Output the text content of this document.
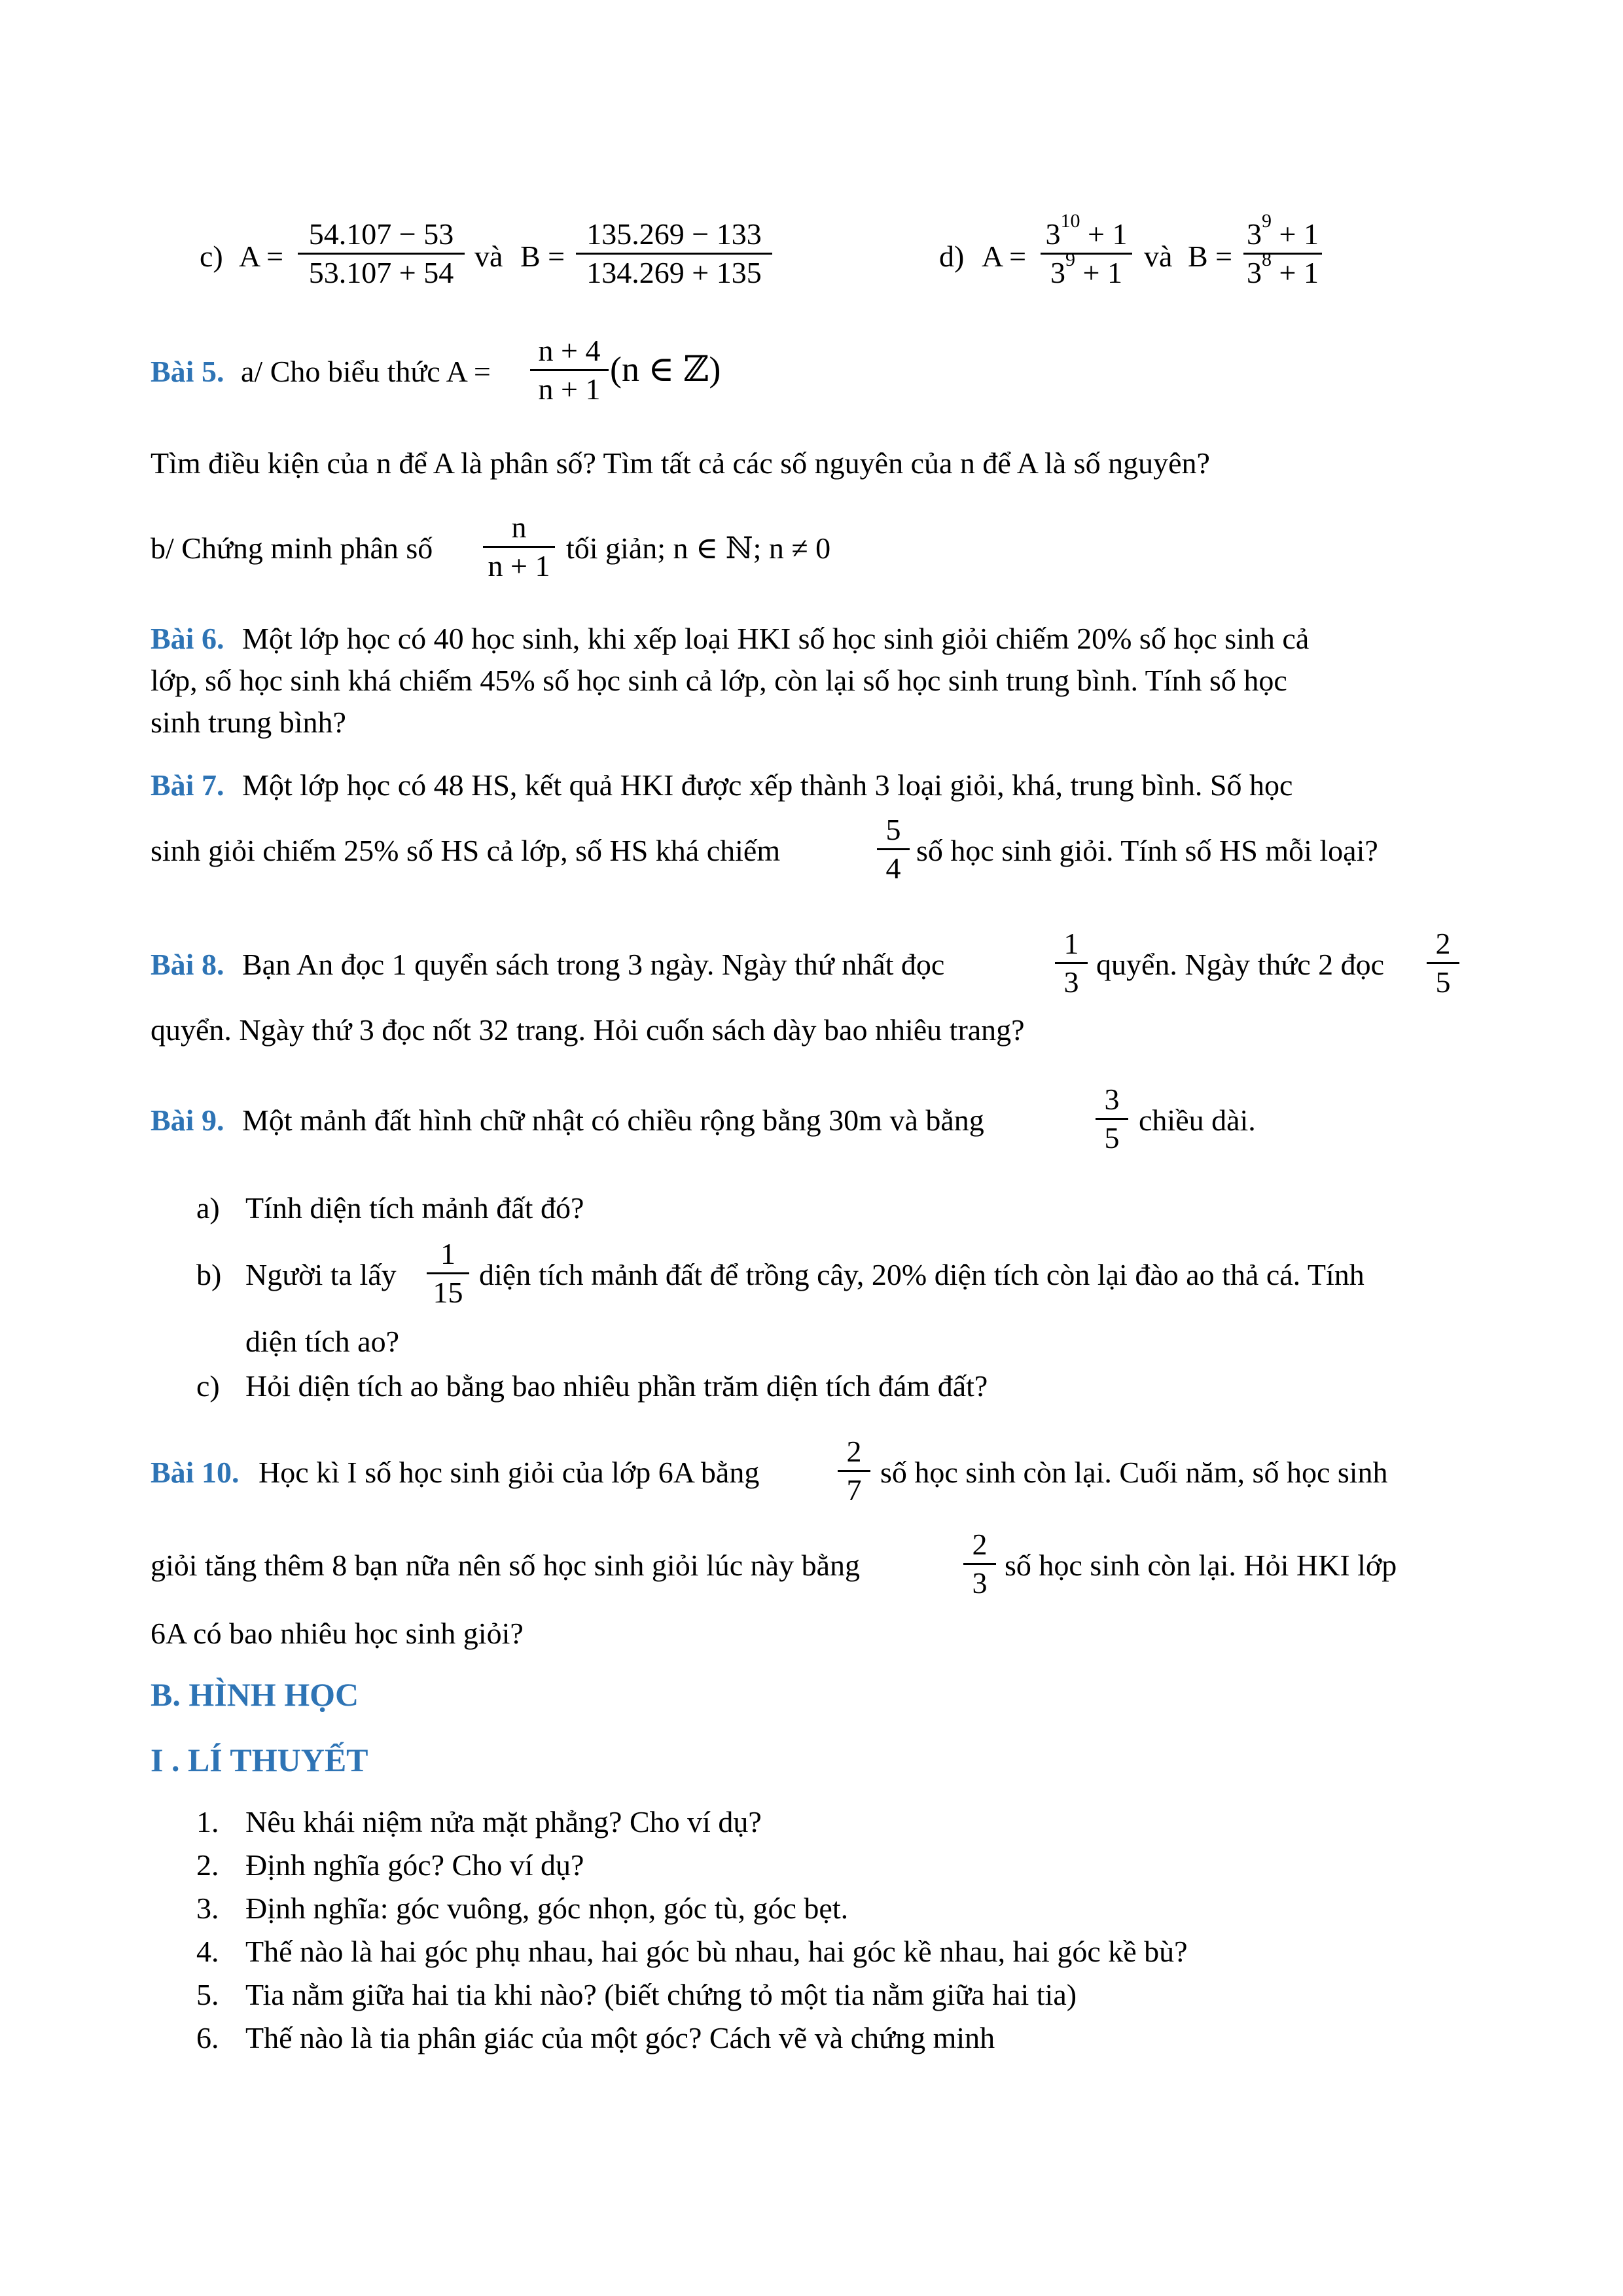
c) A =
54.107 − 53
53.107 + 54 và B =
135.269 − 133
134.269 + 135	d) A =
$3^{10} + 1$
$3^9 + 1$ và B =
$3^9 + 1$
$3^8 + 1$
Bài 5. a/ Cho biểu thức A =
n + 4
n + 1
(n ∈ ℤ)
Tìm điều kiện của n để A là phân số? Tìm tất cả các số nguyên của n để A là số nguyên?
b/ Chứng minh phân số
n
n + 1
tối giản; n ∈ ℕ; n ≠ 0
Bài 6. Một lớp học có 40 học sinh, khi xếp loại HKI số học sinh giỏi chiếm 20% số học sinh cả
lớp, số học sinh khá chiếm 45% số học sinh cả lớp, còn lại số học sinh trung bình. Tính số học
sinh trung bình?
Bài 7. Một lớp học có 48 HS, kết quả HKI được xếp thành 3 loại giỏi, khá, trung bình. Số học
sinh giỏi chiếm 25% số HS cả lớp, số HS khá chiếm
5
4
số học sinh giỏi. Tính số HS mỗi loại?
Bài 8. Bạn An đọc 1 quyển sách trong 3 ngày. Ngày thứ nhất đọc
1
3
quyển. Ngày thức 2 đọc
2
5
quyển. Ngày thứ 3 đọc nốt 32 trang. Hỏi cuốn sách dày bao nhiêu trang?
Bài 9. Một mảnh đất hình chữ nhật có chiều rộng bằng 30m và bằng
3
5
chiều dài.
a) Tính diện tích mảnh đất đó?
b) Người ta lấy
1
15
diện tích mảnh đất để trồng cây, 20% diện tích còn lại đào ao thả cá. Tính
diện tích ao?
c) Hỏi diện tích ao bằng bao nhiêu phần trăm diện tích đám đất?
Bài 10. Học kì I số học sinh giỏi của lớp 6A bằng
2
7
số học sinh còn lại. Cuối năm, số học sinh
giỏi tăng thêm 8 bạn nữa nên số học sinh giỏi lúc này bằng
2
3
số học sinh còn lại. Hỏi HKI lớp
6A có bao nhiêu học sinh giỏi?
B. HÌNH HỌC
I . LÍ THUYẾT
1. Nêu khái niệm nửa mặt phẳng? Cho ví dụ?
2. Định nghĩa góc? Cho ví dụ?
3. Định nghĩa: góc vuông, góc nhọn, góc tù, góc bẹt.
4. Thế nào là hai góc phụ nhau, hai góc bù nhau, hai góc kề nhau, hai góc kề bù?
5. Tia nằm giữa hai tia khi nào? (biết chứng tỏ một tia nằm giữa hai tia)
6. Thế nào là tia phân giác của một góc? Cách vẽ và chứng minh
